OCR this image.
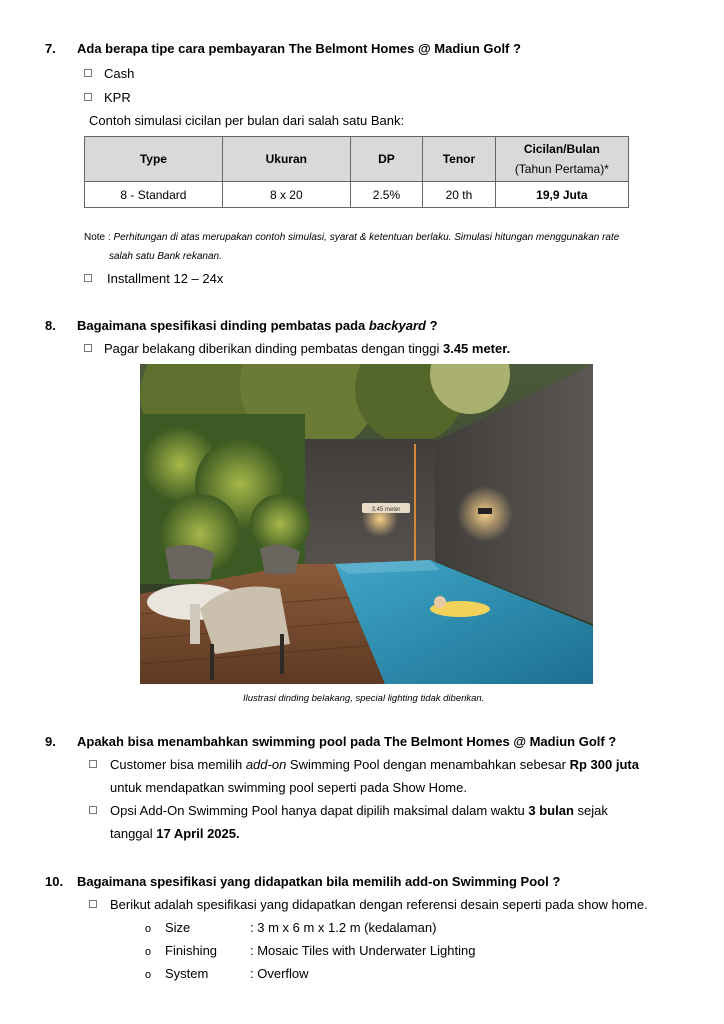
7. Ada berapa tipe cara pembayaran The Belmont Homes @ Madiun Golf ?
Cash
KPR
Contoh simulasi cicilan per bulan dari salah satu Bank:
Type	Ukuran	DP	Tenor	Cicilan/Bulan
(Tahun Pertama)*

8 - Standard	8 x 20	2.5%	20 th	19,9 Juta
Note : Perhitungan di atas merupakan contoh simulasi, syarat & ketentuan berlaku. Simulasi hitungan menggunakan rate
salah satu Bank rekanan.
Installment 12 – 24x
8. Bagaimana spesifikasi dinding pembatas pada backyard ?
Pagar belakang diberikan dinding pembatas dengan tinggi 3.45 meter.
3,45 meter
Ilustrasi dinding belakang, special lighting tidak diberikan.
9. Apakah bisa menambahkan swimming pool pada The Belmont Homes @ Madiun Golf ?
Customer bisa memilih add-on Swimming Pool dengan menambahkan sebesar Rp 300 juta
untuk mendapatkan swimming pool seperti pada Show Home.
Opsi Add-On Swimming Pool hanya dapat dipilih maksimal dalam waktu 3 bulan sejak
tanggal 17 April 2025.
10. Bagaimana spesifikasi yang didapatkan bila memilih add-on Swimming Pool ?
Berikut adalah spesifikasi yang didapatkan dengan referensi desain seperti pada show home.
o Size	: 3 m x 6 m x 1.2 m (kedalaman)
o Finishing	: Mosaic Tiles with Underwater Lighting
o System	: Overflow
